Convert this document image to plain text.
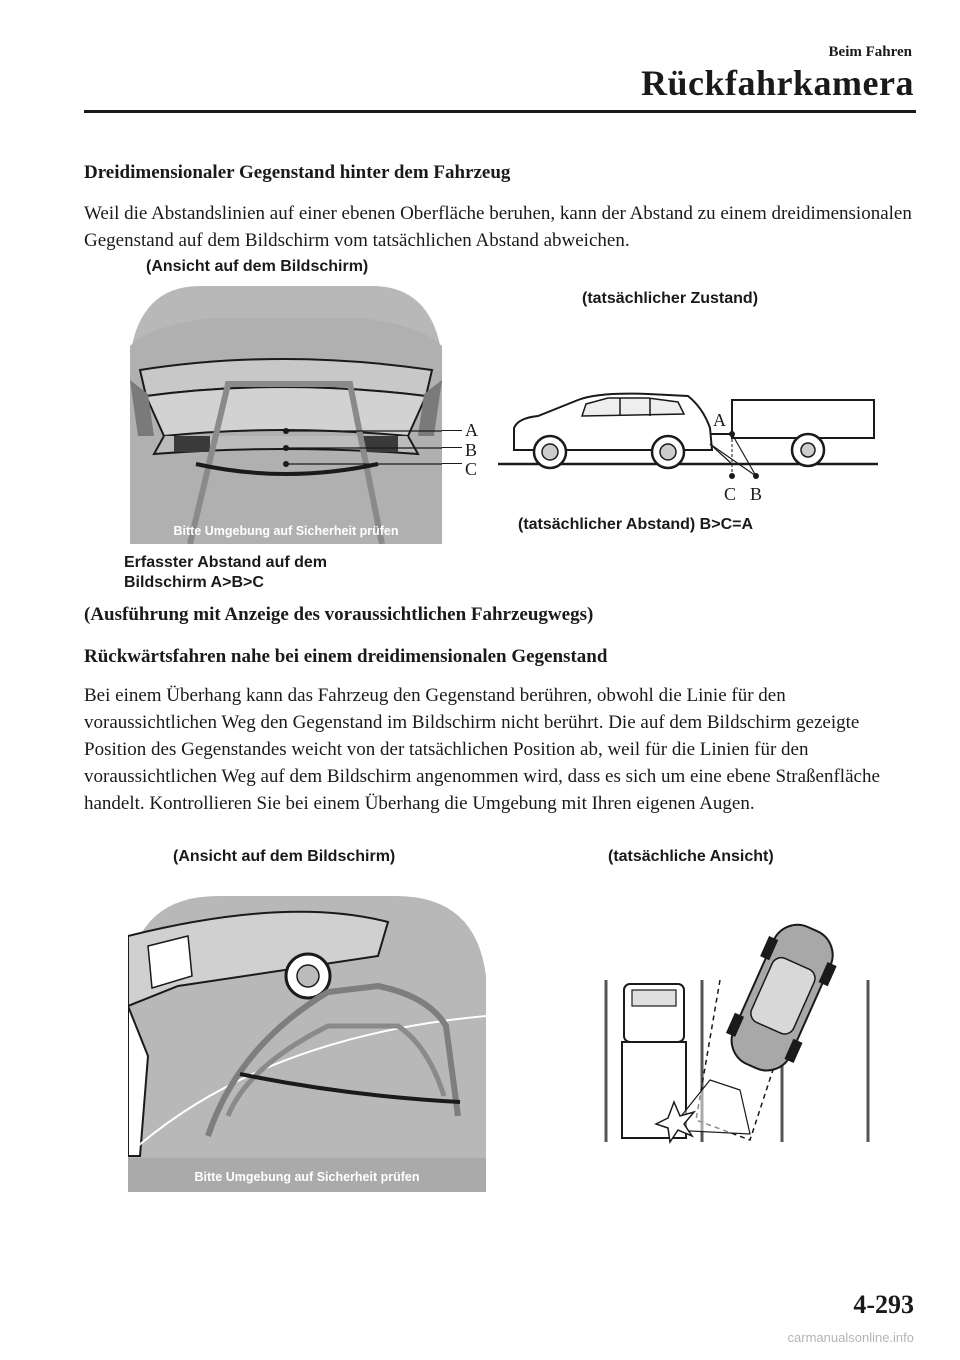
Beim Fahren
Rückfahrkamera
Dreidimensionaler Gegenstand hinter dem Fahrzeug
Weil die Abstandslinien auf einer ebenen Oberfläche beruhen, kann der Abstand zu einem dreidimensionalen Gegenstand auf dem Bildschirm vom tatsächlichen Abstand abweichen.
(Ansicht auf dem Bildschirm)
Bitte Umgebung auf Sicherheit prüfen
A
B
C
(tatsächlicher Zustand)
A
C B
(tatsächlicher Abstand) B>C=A
Erfasster Abstand auf dem
Bildschirm A>B>C
(Ausführung mit Anzeige des voraussichtlichen Fahrzeugwegs)
Rückwärtsfahren nahe bei einem dreidimensionalen Gegenstand
Bei einem Überhang kann das Fahrzeug den Gegenstand berühren, obwohl die Linie für den voraussichtlichen Weg den Gegenstand im Bildschirm nicht berührt. Die auf dem Bildschirm gezeigte Position des Gegenstandes weicht von der tatsächlichen Position ab, weil für die Linien für den voraussichtlichen Weg auf dem Bildschirm angenommen wird, dass es sich um eine ebene Straßenfläche handelt. Kontrollieren Sie bei einem Überhang die Umgebung mit Ihren eigenen Augen.
(Ansicht auf dem Bildschirm)	(tatsächliche Ansicht)
Bitte Umgebung auf Sicherheit prüfen
4-293
carmanualsonline.info
